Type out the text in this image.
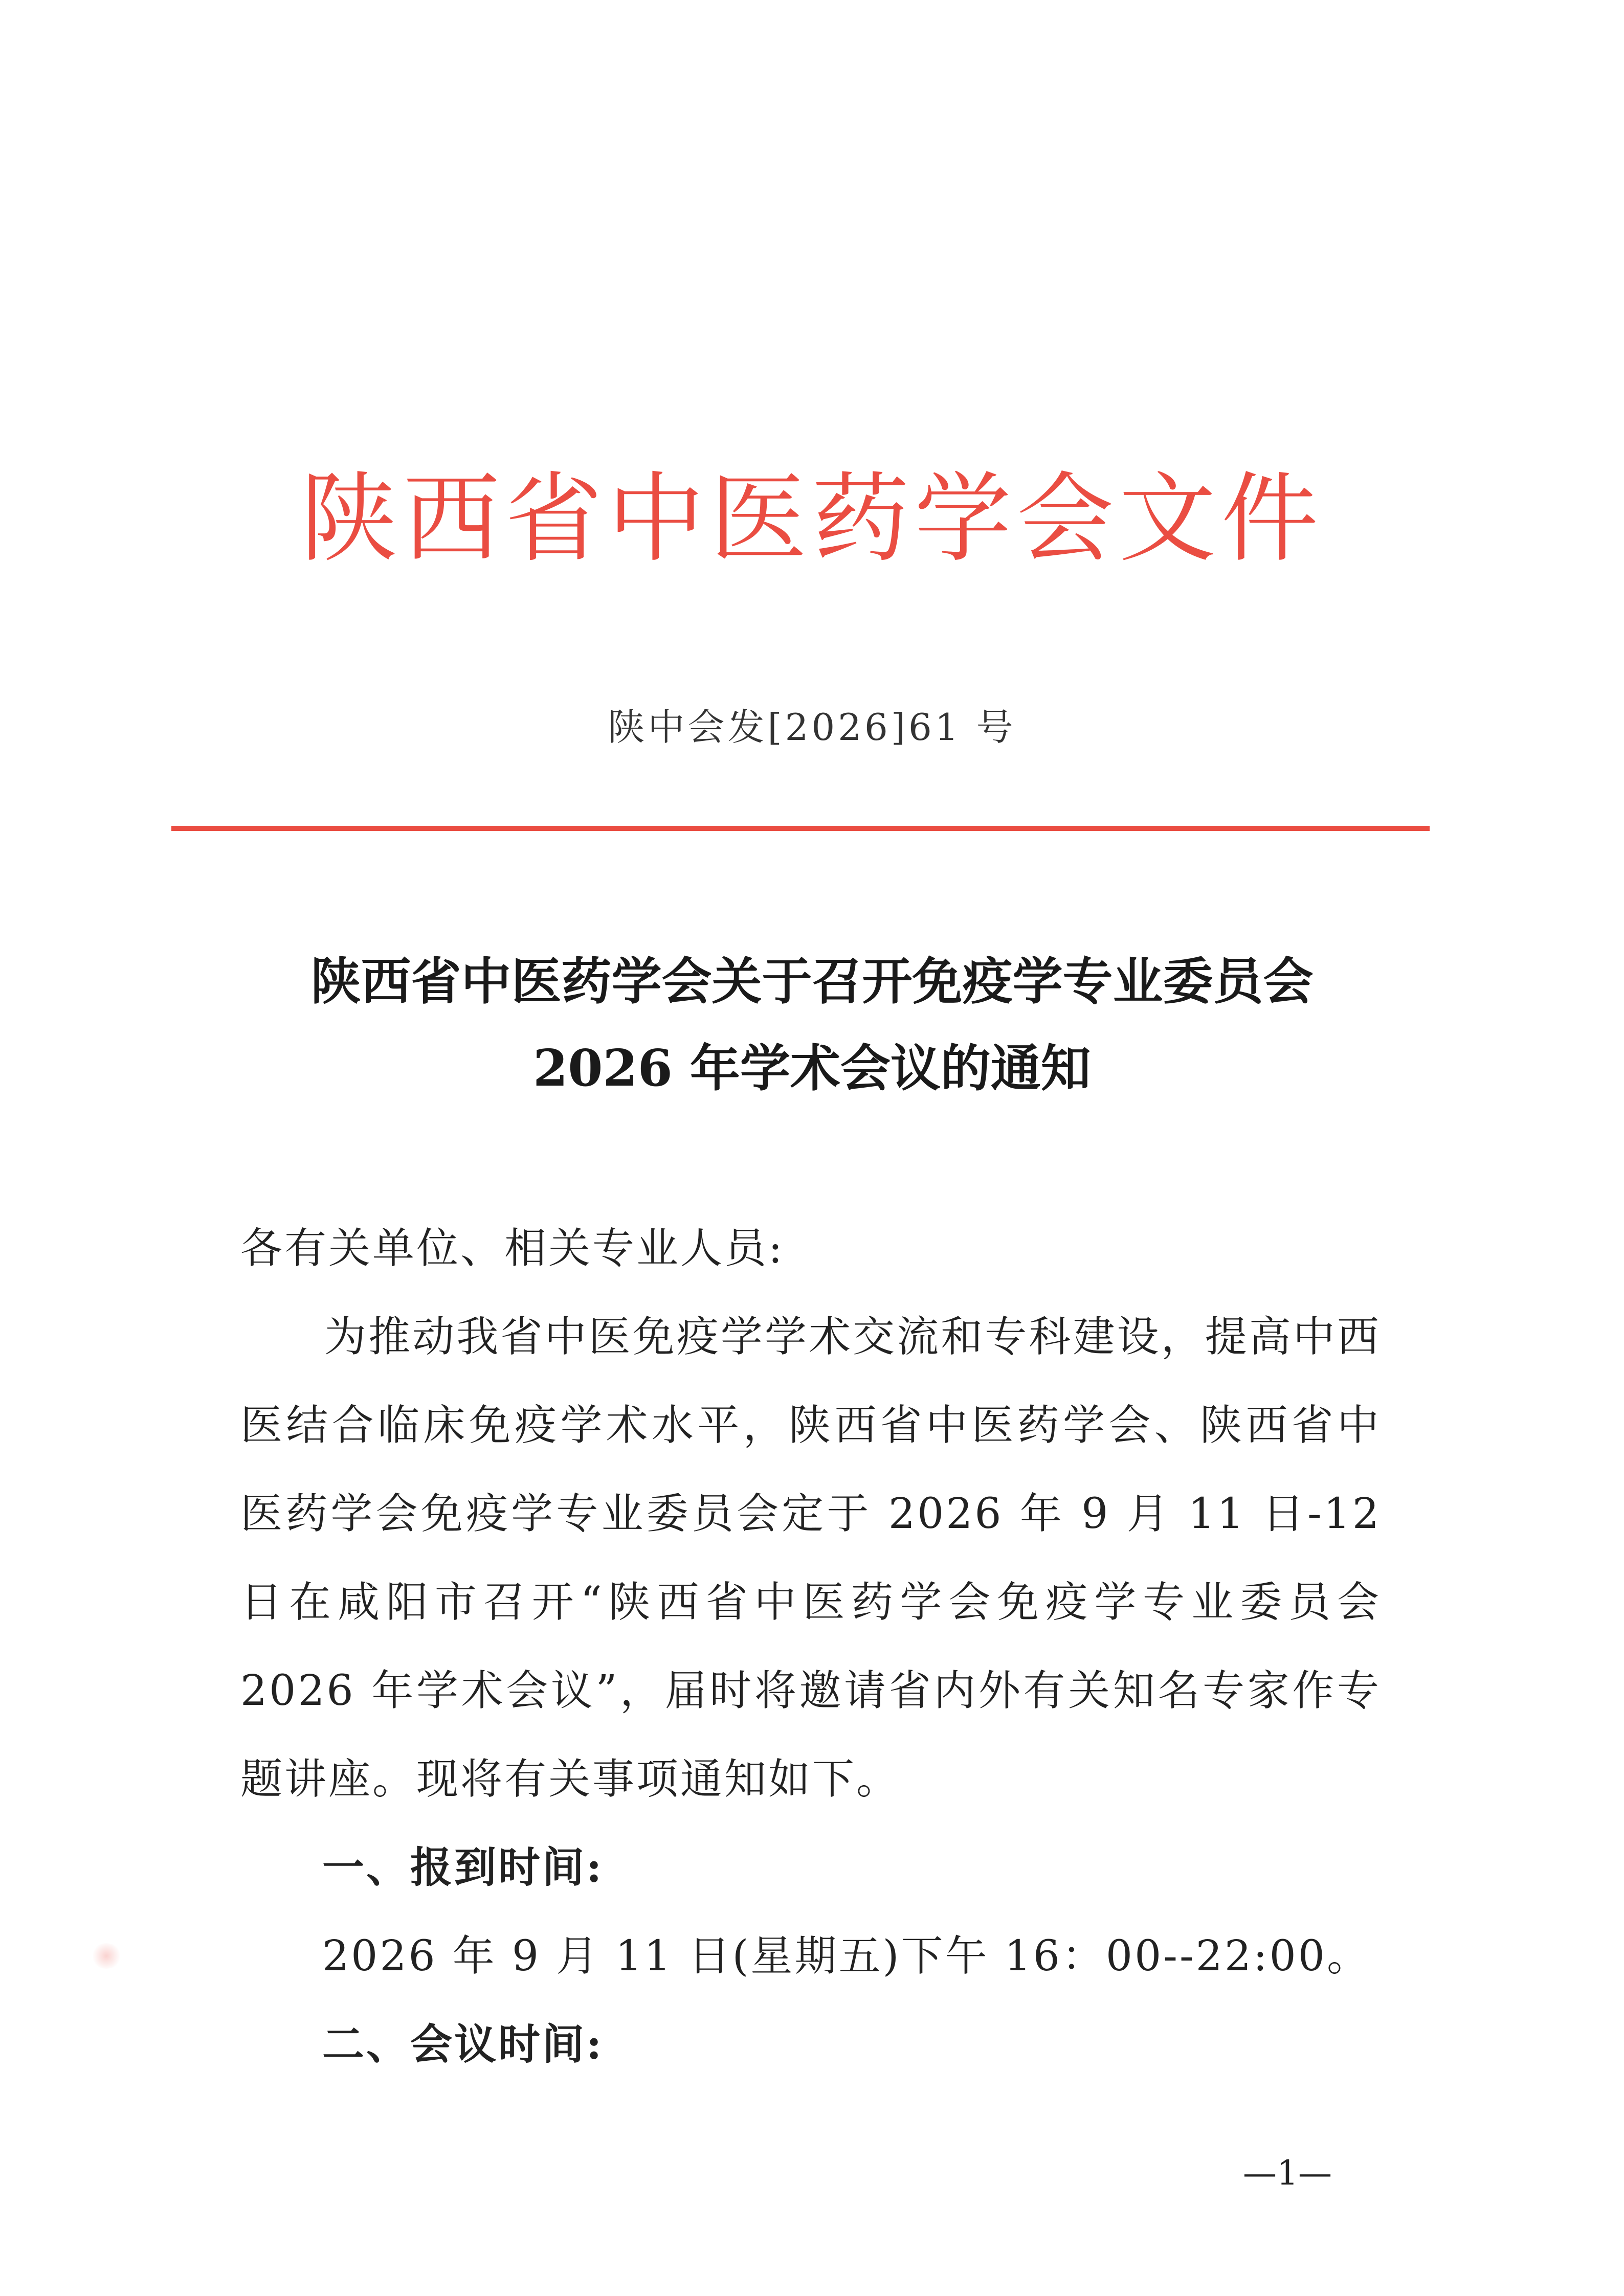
陕西省中医药学会文件
陕中会发[2026]61 号
陕西省中医药学会关于召开免疫学专业委员会
2026 年学术会议的通知

各有关单位、相关专业人员:

为推动我省中医免疫学学术交流和专科建设，提高中西医结合临床免疫学术水平，陕西省中医药学会、陕西省中医药学会免疫学专业委员会定于 2026 年 9 月 11 日-12 日在咸阳市召开“陕西省中医药学会免疫学专业委员会 2026 年学术会议”，届时将邀请省内外有关知名专家作专题讲座。现将有关事项通知如下。

一、报到时间:

2026 年 9 月 11 日(星期五)下午 16：00--22:00。

二、会议时间:

—1—
